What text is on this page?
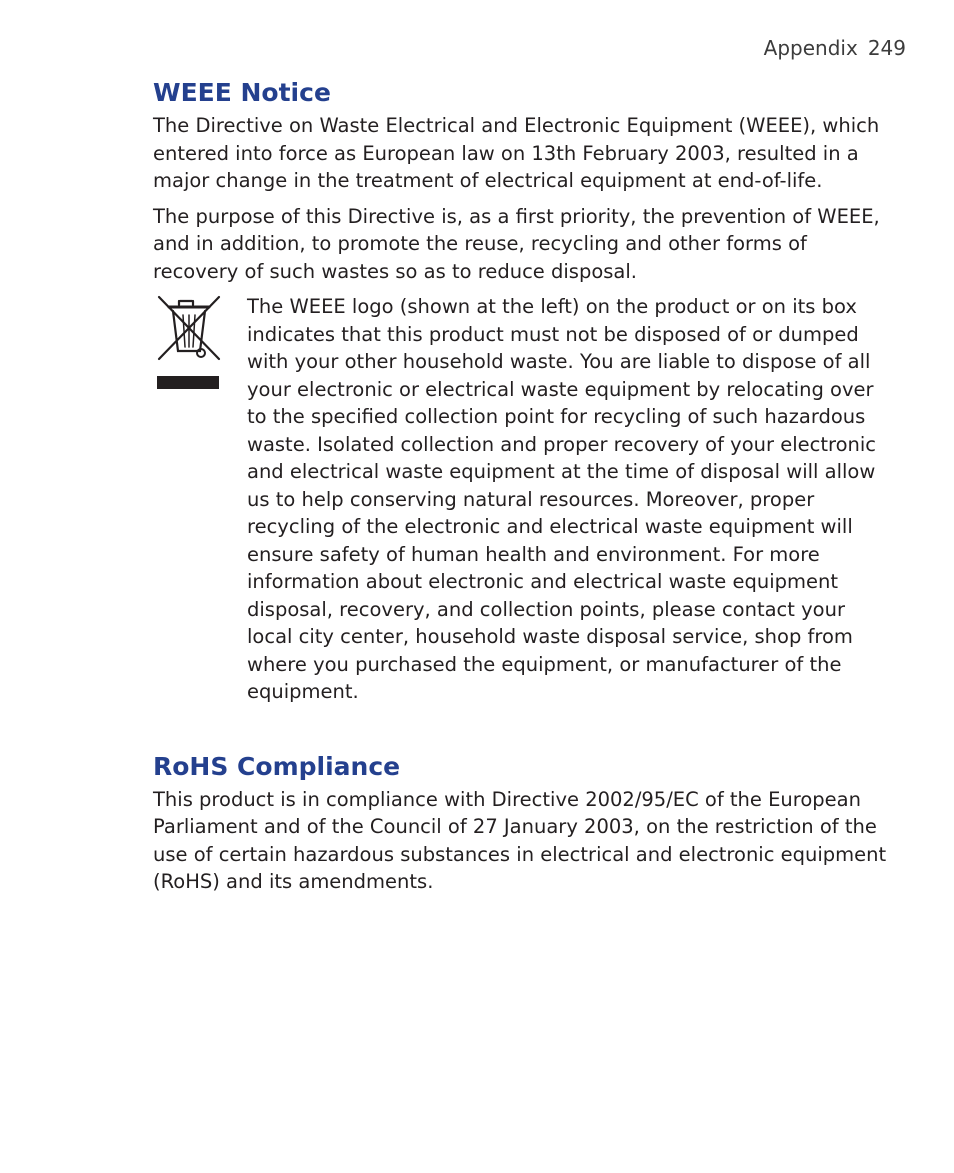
Appendix 249
WEEE Notice

The Directive on Waste Electrical and Electronic Equipment (WEEE), which entered into force as European law on 13th February 2003, resulted in a major change in the treatment of electrical equipment at end-of-life.

The purpose of this Directive is, as a first priority, the prevention of WEEE, and in addition, to promote the reuse, recycling and other forms of recovery of such wastes so as to reduce disposal.

The WEEE logo (shown at the left) on the product or on its box indicates that this product must not be disposed of or dumped with your other household waste. You are liable to dispose of all your electronic or electrical waste equipment by relocating over to the specified collection point for recycling of such hazardous waste. Isolated collection and proper recovery of your electronic and electrical waste equipment at the time of disposal will allow us to help conserving natural resources. Moreover, proper recycling of the electronic and electrical waste equipment will ensure safety of human health and environment. For more information about electronic and electrical waste equipment disposal, recovery, and collection points, please contact your local city center, household waste disposal service, shop from where you purchased the equipment, or manufacturer of the equipment.

RoHS Compliance

This product is in compliance with Directive 2002/95/EC of the European Parliament and of the Council of 27 January 2003, on the restriction of the use of certain hazardous substances in electrical and electronic equipment (RoHS) and its amendments.
